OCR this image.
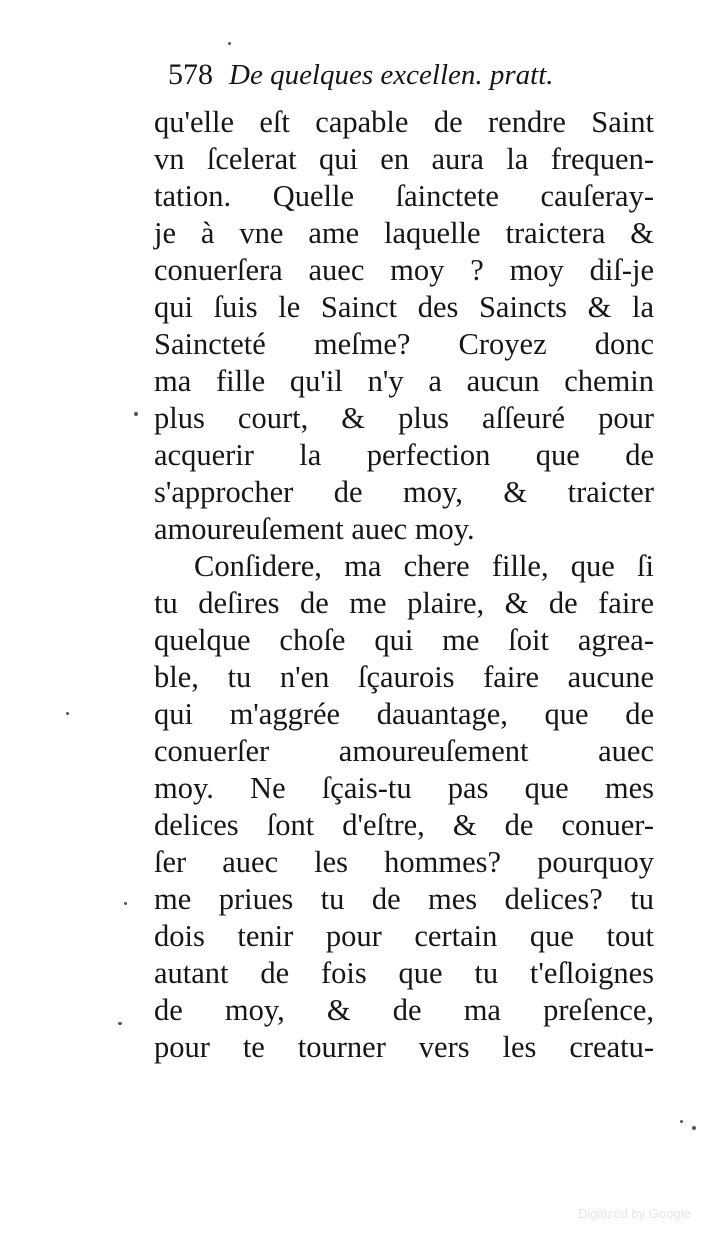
578 De quelques excellen. pratt.
qu'elle eſt capable de rendre Saint
vn ſcelerat qui en aura la frequen-
tation. Quelle ſainctete cauſeray-
je à vne ame laquelle traictera &
conuerſera auec moy ? moy diſ-je
qui ſuis le Sainct des Saincts & la
Saincteté meſme? Croyez donc
ma fille qu'il n'y a aucun chemin
plus court, & plus aſſeuré pour
acquerir la perfection que de
s'approcher de moy, & traicter
amoureuſement auec moy.
Conſidere, ma chere fille, que ſi
tu deſires de me plaire, & de faire
quelque choſe qui me ſoit agrea-
ble, tu n'en ſçaurois faire aucune
qui m'aggrée dauantage, que de
conuerſer amoureuſement auec
moy. Ne ſçais-tu pas que mes
delices ſont d'eſtre, & de conuer-
ſer auec les hommes? pourquoy
me priues tu de mes delices? tu
dois tenir pour certain que tout
autant de fois que tu t'eſloignes
de moy, & de ma preſence,
pour te tourner vers les creatu-
Digitized by Google
